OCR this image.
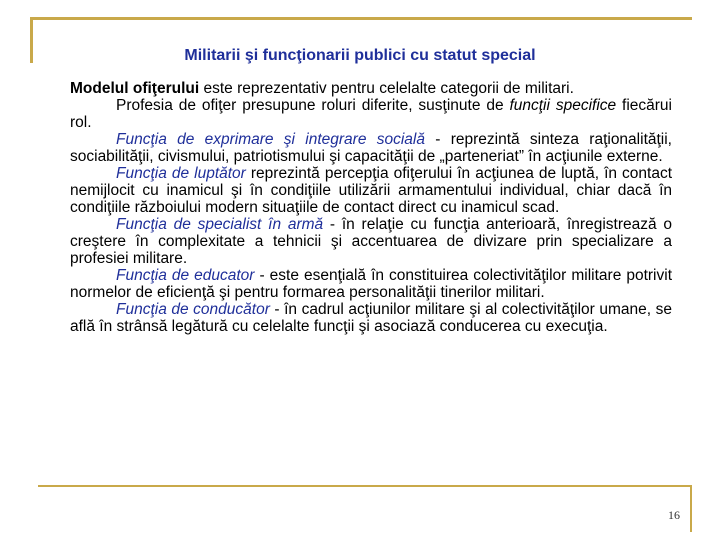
Militarii şi funcţionarii publici cu statut special

Modelul ofiţerului este reprezentativ pentru celelalte categorii de militari.

Profesia de ofiţer presupune roluri diferite, susţinute de funcţii specifice fiecărui rol.

Funcţia de exprimare şi integrare socială - reprezintă sinteza raţionalităţii, sociabilităţii, civismului, patriotismului şi capacităţii de „parteneriat” în acţiunile externe.

Funcţia de luptător reprezintă percepţia ofiţerului în acţiunea de luptă, în contact nemijlocit cu inamicul şi în condiţiile utilizării armamentului individual, chiar dacă în condiţiile războiului modern situaţiile de contact direct cu inamicul scad.

Funcţia de specialist în armă - în relaţie cu funcţia anterioară, înregistrează o creştere în complexitate a tehnicii şi accentuarea de divizare prin specializare a profesiei militare.

Funcţia de educator - este esenţială în constituirea colectivităţilor militare potrivit normelor de eficienţă şi pentru formarea personalităţii tinerilor militari.

Funcţia de conducător - în cadrul acţiunilor militare şi al colectivităţilor umane, se află în strânsă legătură cu celelalte funcţii şi asociază conducerea cu execuţia.

16
